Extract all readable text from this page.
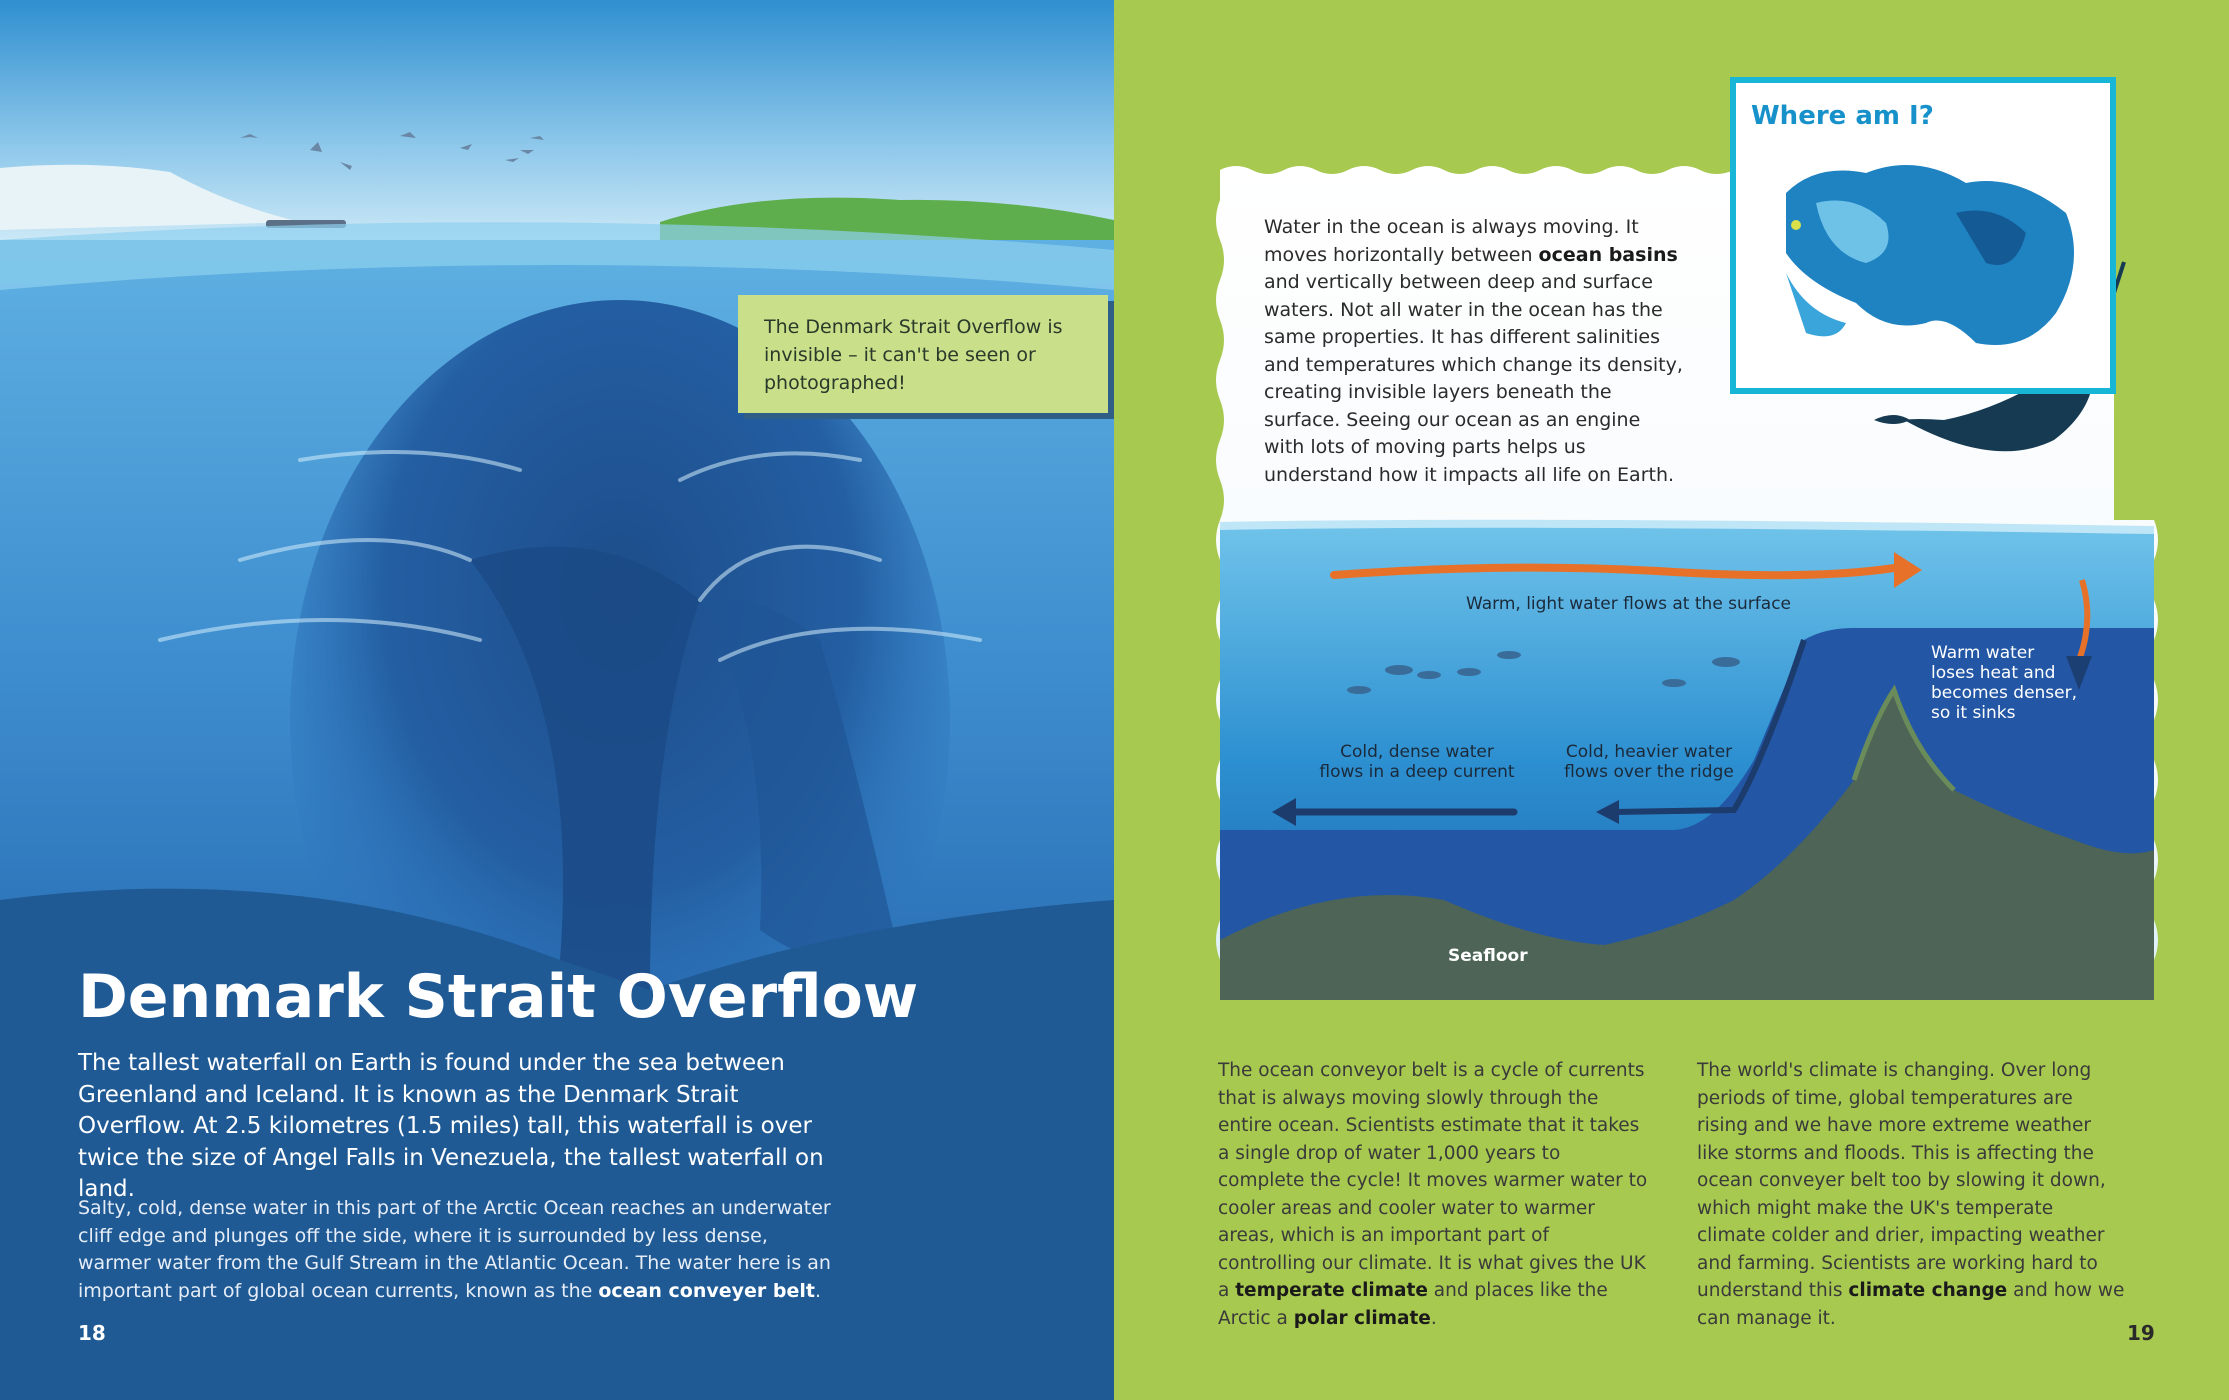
The Denmark Strait Overflow is invisible – it can't be seen or photographed!

Denmark Strait Overflow

The tallest waterfall on Earth is found under the sea between Greenland and Iceland. It is known as the Denmark Strait Overflow. At 2.5 kilometres (1.5 miles) tall, this waterfall is over twice the size of Angel Falls in Venezuela, the tallest waterfall on land.

Salty, cold, dense water in this part of the Arctic Ocean reaches an underwater cliff edge and plunges off the side, where it is surrounded by less dense, warmer water from the Gulf Stream in the Atlantic Ocean. The water here is an important part of global ocean currents, known as the ocean conveyer belt.

18
Where am I?

Water in the ocean is always moving. It moves horizontally between ocean basins and vertically between deep and surface waters. Not all water in the ocean has the same properties. It has different salinities and temperatures which change its density, creating invisible layers beneath the surface. Seeing our ocean as an engine with lots of moving parts helps us understand how it impacts all life on Earth.

Warm, light water flows at the surface
Warm water
loses heat and
becomes denser,
so it sinks
Cold, dense water
flows in a deep current
Cold, heavier water
flows over the ridge
Seafloor

The ocean conveyor belt is a cycle of currents that is always moving slowly through the entire ocean. Scientists estimate that it takes a single drop of water 1,000 years to complete the cycle! It moves warmer water to cooler areas and cooler water to warmer areas, which is an important part of controlling our climate. It is what gives the UK a temperate climate and places like the Arctic a polar climate.

The world's climate is changing. Over long periods of time, global temperatures are rising and we have more extreme weather like storms and floods. This is affecting the ocean conveyer belt too by slowing it down, which might make the UK's temperate climate colder and drier, impacting weather and farming. Scientists are working hard to understand this climate change and how we can manage it.

19
